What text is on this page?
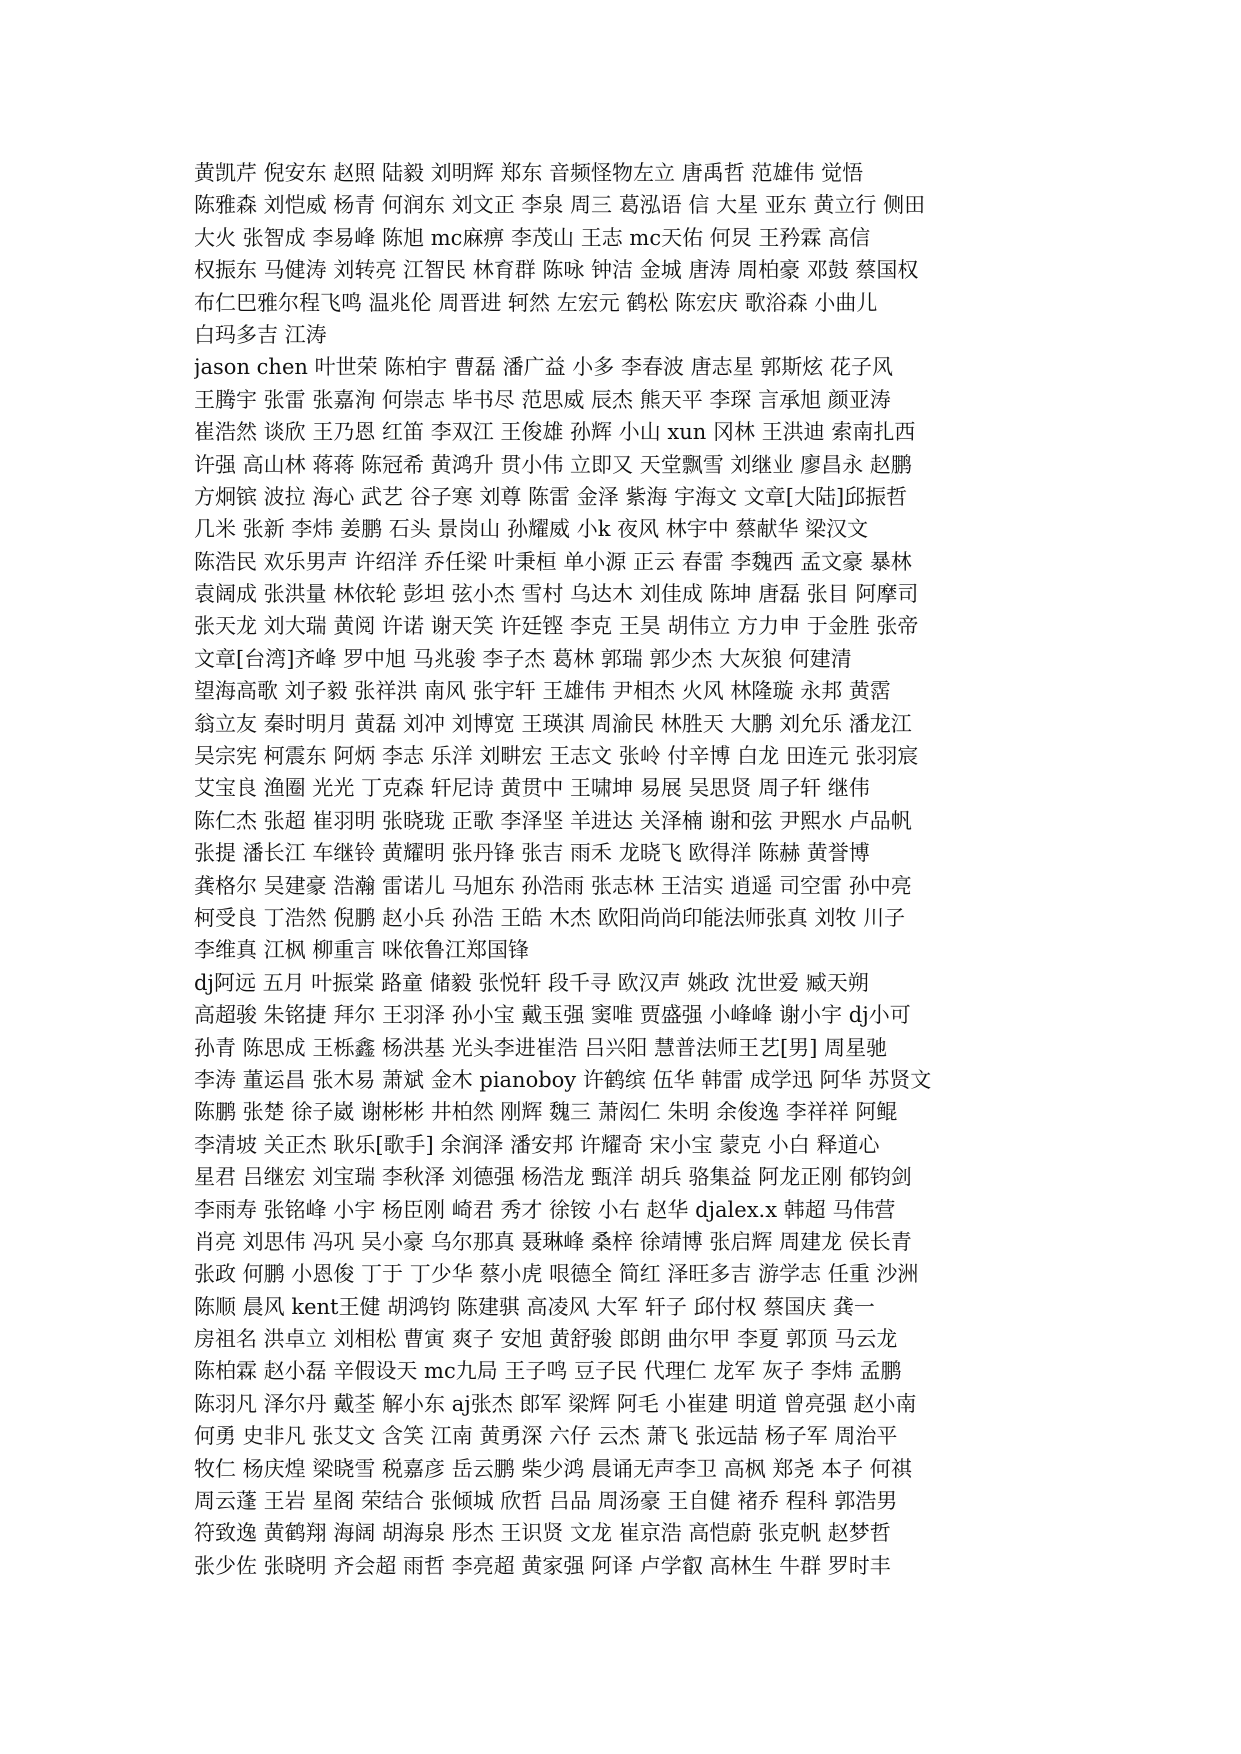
黄凯芹 倪安东 赵照 陆毅 刘明辉 郑东 音频怪物左立 唐禹哲 范雄伟 觉悟
陈雅森 刘恺威 杨青 何润东 刘文正 李泉 周三 葛泓语 信 大星 亚东 黄立行 侧田
大火 张智成 李易峰 陈旭 mc麻痹 李茂山 王志 mc天佑 何炅 王矜霖 高信
权振东 马健涛 刘转亮 江智民 林育群 陈咏 钟洁 金城 唐涛 周柏豪 邓鼓 蔡国权
布仁巴雅尔程飞鸣 温兆伦 周晋进 轲然 左宏元 鹤松 陈宏庆 歌浴森 小曲儿
白玛多吉 江涛
jason chen 叶世荣 陈柏宇 曹磊 潘广益 小多 李春波 唐志星 郭斯炫 花子风
王腾宇 张雷 张嘉洵 何崇志 毕书尽 范思威 辰杰 熊天平 李琛 言承旭 颜亚涛
崔浩然 谈欣 王乃恩 红笛 李双江 王俊雄 孙辉 小山 xun 冈林 王洪迪 索南扎西
许强 高山林 蒋蒋 陈冠希 黄鸿升 贯小伟 立即又 天堂飘雪 刘继业 廖昌永 赵鹏
方炯镔 波拉 海心 武艺 谷子寒 刘尊 陈雷 金泽 紫海 宇海文 文章[大陆]邱振哲
几米 张新 李炜 姜鹏 石头 景岗山 孙耀威 小k 夜风 林宇中 蔡献华 梁汉文
陈浩民 欢乐男声 许绍洋 乔任梁 叶秉桓 单小源 正云 春雷 李魏西 孟文豪 暴林
袁阔成 张洪量 林依轮 彭坦 弦小杰 雪村 乌达木 刘佳成 陈坤 唐磊 张目 阿摩司
张天龙 刘大瑞 黄阅 许诺 谢天笑 许廷铿 李克 王昊 胡伟立 方力申 于金胜 张帝
文章[台湾]齐峰 罗中旭 马兆骏 李子杰 葛林 郭瑞 郭少杰 大灰狼 何建清
望海高歌 刘子毅 张祥洪 南风 张宇轩 王雄伟 尹相杰 火风 林隆璇 永邦 黄霑
翁立友 秦时明月 黄磊 刘冲 刘博宽 王瑛淇 周渝民 林胜天 大鹏 刘允乐 潘龙江
吴宗宪 柯震东 阿炳 李志 乐洋 刘畊宏 王志文 张岭 付辛博 白龙 田连元 张羽宸
艾宝良 渔圈 光光 丁克森 轩尼诗 黄贯中 王啸坤 易展 吴思贤 周子轩 继伟
陈仁杰 张超 崔羽明 张晓珑 正歌 李泽坚 羊进达 关泽楠 谢和弦 尹熙水 卢品帆
张提 潘长江 车继铃 黄耀明 张丹锋 张吉 雨禾 龙晓飞 欧得洋 陈赫 黄誉博
龚格尔 吴建豪 浩瀚 雷诺儿 马旭东 孙浩雨 张志林 王洁实 逍遥 司空雷 孙中亮
柯受良 丁浩然 倪鹏 赵小兵 孙浩 王皓 木杰 欧阳尚尚印能法师张真 刘牧 川子
李维真 江枫 柳重言 咪依鲁江郑国锋
dj阿远 五月 叶振棠 路童 储毅 张悦轩 段千寻 欧汉声 姚政 沈世爱 臧天朔
高超骏 朱铭捷 拜尔 王羽泽 孙小宝 戴玉强 窦唯 贾盛强 小峰峰 谢小宇 dj小可
孙青 陈思成 王栎鑫 杨洪基 光头李进崔浩 吕兴阳 慧普法师王艺[男] 周星驰
李涛 董运昌 张木易 萧斌 金木 pianoboy 许鹤缤 伍华 韩雷 成学迅 阿华 苏贤文
陈鹏 张楚 徐子崴 谢彬彬 井柏然 刚辉 魏三 萧闳仁 朱明 余俊逸 李祥祥 阿鲲
李清坡 关正杰 耿乐[歌手] 余润泽 潘安邦 许耀奇 宋小宝 蒙克 小白 释道心
星君 吕继宏 刘宝瑞 李秋泽 刘德强 杨浩龙 甄洋 胡兵 骆集益 阿龙正刚 郁钧剑
李雨寿 张铭峰 小宇 杨臣刚 崎君 秀才 徐铵 小右 赵华 djalex.x 韩超 马伟营
肖亮 刘思伟 冯巩 吴小豪 乌尔那真 聂琳峰 桑梓 徐靖博 张启辉 周建龙 侯长青
张政 何鹏 小恩俊 丁于 丁少华 蔡小虎 哏德全 简红 泽旺多吉 游学志 任重 沙洲
陈顺 晨风 kent王健 胡鸿钧 陈建骐 高凌风 大军 轩子 邱付权 蔡国庆 龚一
房祖名 洪卓立 刘相松 曹寅 爽子 安旭 黄舒骏 郎朗 曲尔甲 李夏 郭顶 马云龙
陈柏霖 赵小磊 辛假设天 mc九局 王子鸣 豆子民 代理仁 龙军 灰子 李炜 孟鹏
陈羽凡 泽尔丹 戴荃 解小东 aj张杰 郎军 梁辉 阿毛 小崔建 明道 曾亮强 赵小南
何勇 史非凡 张艾文 含笑 江南 黄勇深 六仔 云杰 萧飞 张远喆 杨子军 周治平
牧仁 杨庆煌 梁晓雪 税嘉彦 岳云鹏 柴少鸿 晨诵无声李卫 高枫 郑尧 本子 何祺
周云蓬 王岩 星阁 荣结合 张倾城 欣哲 吕品 周汤豪 王自健 褚乔 程科 郭浩男
符致逸 黄鹤翔 海阔 胡海泉 彤杰 王识贤 文龙 崔京浩 高恺蔚 张克帆 赵梦哲
张少佐 张晓明 齐会超 雨哲 李亮超 黄家强 阿译 卢学叡 高林生 牛群 罗时丰
